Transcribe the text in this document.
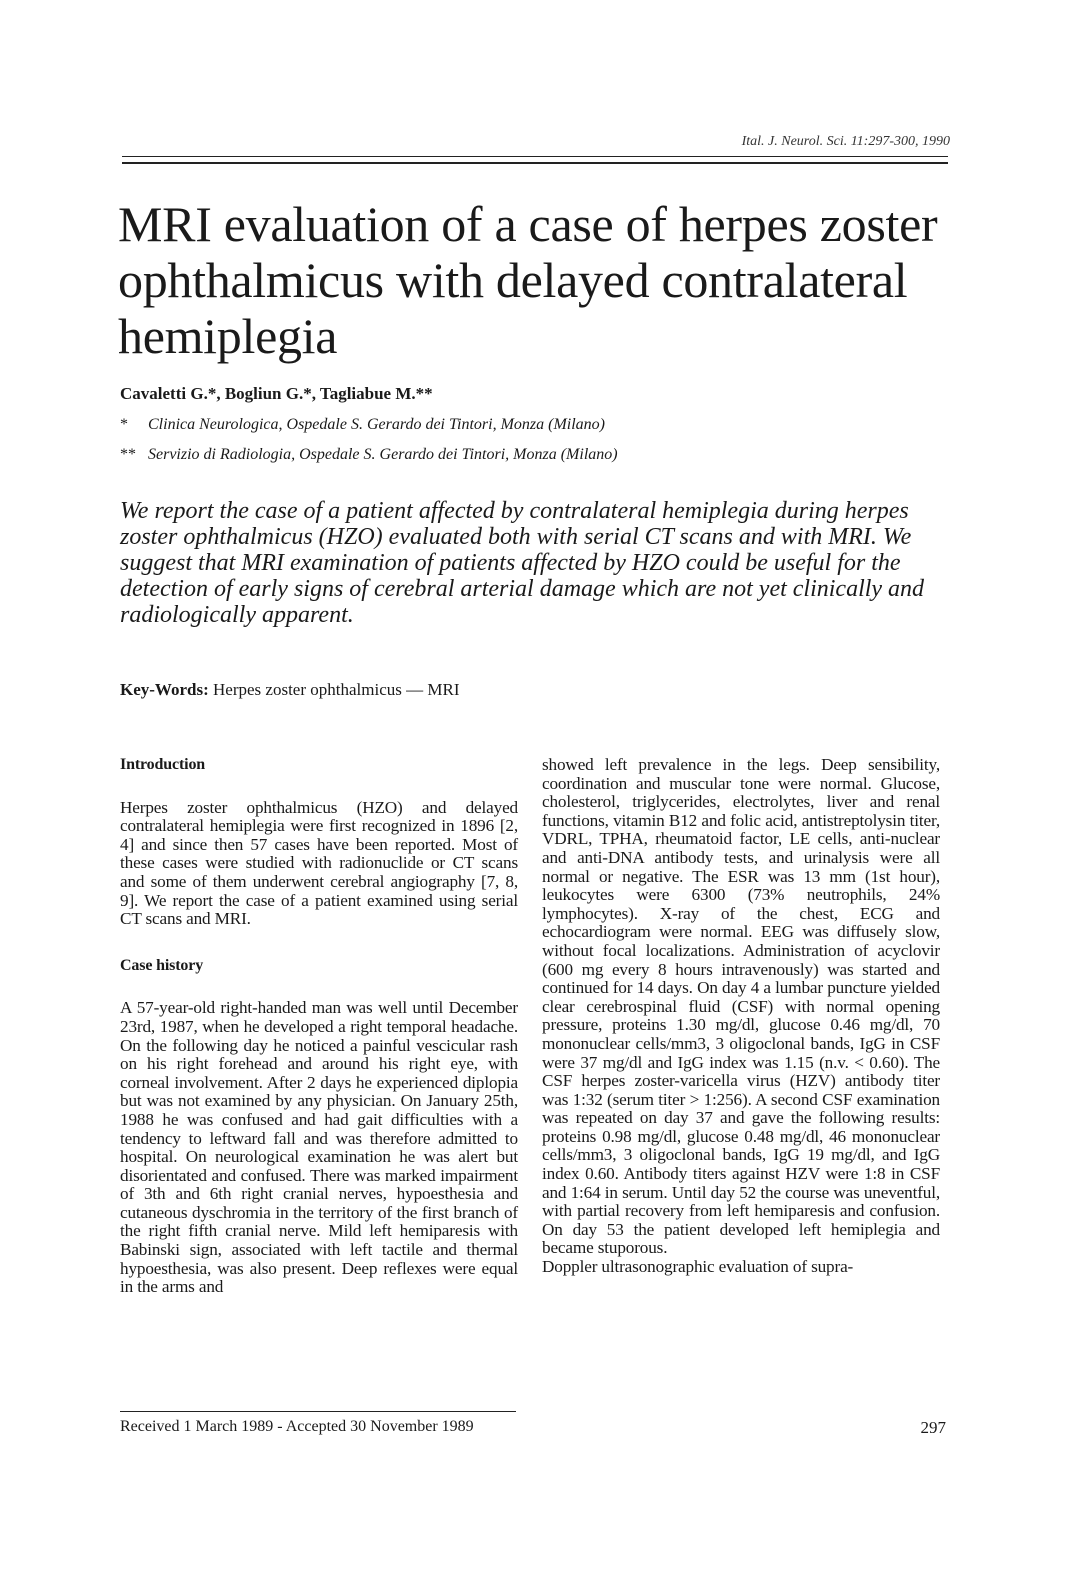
Ital. J. Neurol. Sci. 11:297-300, 1990
MRI evaluation of a case of herpes zoster ophthalmicus with delayed contralateral hemiplegia
Cavaletti G.*, Bogliun G.*, Tagliabue M.**
* Clinica Neurologica, Ospedale S. Gerardo dei Tintori, Monza (Milano)
** Servizio di Radiologia, Ospedale S. Gerardo dei Tintori, Monza (Milano)
We report the case of a patient affected by contralateral hemiplegia during herpes zoster ophthalmicus (HZO) evaluated both with serial CT scans and with MRI. We suggest that MRI examination of patients affected by HZO could be useful for the detection of early signs of cerebral arterial damage which are not yet clinically and radiologically apparent.
Key-Words: Herpes zoster ophthalmicus — MRI
Introduction

Herpes zoster ophthalmicus (HZO) and delayed contralateral hemiplegia were first recognized in 1896 [2, 4] and since then 57 cases have been reported. Most of these cases were studied with radionuclide or CT scans and some of them underwent cerebral angiography [7, 8, 9]. We report the case of a patient examined using serial CT scans and MRI.

Case history

A 57-year-old right-handed man was well until December 23rd, 1987, when he developed a right temporal headache. On the following day he noticed a painful vescicular rash on his right forehead and around his right eye, with corneal involvement. After 2 days he experienced diplopia but was not examined by any physician. On January 25th, 1988 he was confused and had gait difficulties with a tendency to leftward fall and was therefore admitted to hospital. On neurological examination he was alert but disorientated and confused. There was marked impairment of 3th and 6th right cranial nerves, hypoesthesia and cutaneous dyschromia in the territory of the first branch of the right fifth cranial nerve. Mild left hemiparesis with Babinski sign, associated with left tactile and thermal hypoesthesia, was also present. Deep reflexes were equal in the arms and

showed left prevalence in the legs. Deep sensibility, coordination and muscular tone were normal. Glucose, cholesterol, triglycerides, electrolytes, liver and renal functions, vitamin B12 and folic acid, antistreptolysin titer, VDRL, TPHA, rheumatoid factor, LE cells, anti-nuclear and anti-DNA antibody tests, and urinalysis were all normal or negative. The ESR was 13 mm (1st hour), leukocytes were 6300 (73% neutrophils, 24% lymphocytes). X-ray of the chest, ECG and echocardiogram were normal. EEG was diffusely slow, without focal localizations. Administration of acyclovir (600 mg every 8 hours intravenously) was started and continued for 14 days. On day 4 a lumbar puncture yielded clear cerebrospinal fluid (CSF) with normal opening pressure, proteins 1.30 mg/dl, glucose 0.46 mg/dl, 70 mononuclear cells/mm3, 3 oligoclonal bands, IgG in CSF were 37 mg/dl and IgG index was 1.15 (n.v. < 0.60). The CSF herpes zoster-varicella virus (HZV) antibody titer was 1:32 (serum titer > 1:256). A second CSF examination was repeated on day 37 and gave the following results: proteins 0.98 mg/dl, glucose 0.48 mg/dl, 46 mononuclear cells/mm3, 3 oligoclonal bands, IgG 19 mg/dl, and IgG index 0.60. Antibody titers against HZV were 1:8 in CSF and 1:64 in serum. Until day 52 the course was uneventful, with partial recovery from left hemiparesis and confusion. On day 53 the patient developed left hemiplegia and became stuporous.

Doppler ultrasonographic evaluation of supra-

Received 1 March 1989 - Accepted 30 November 1989	297
